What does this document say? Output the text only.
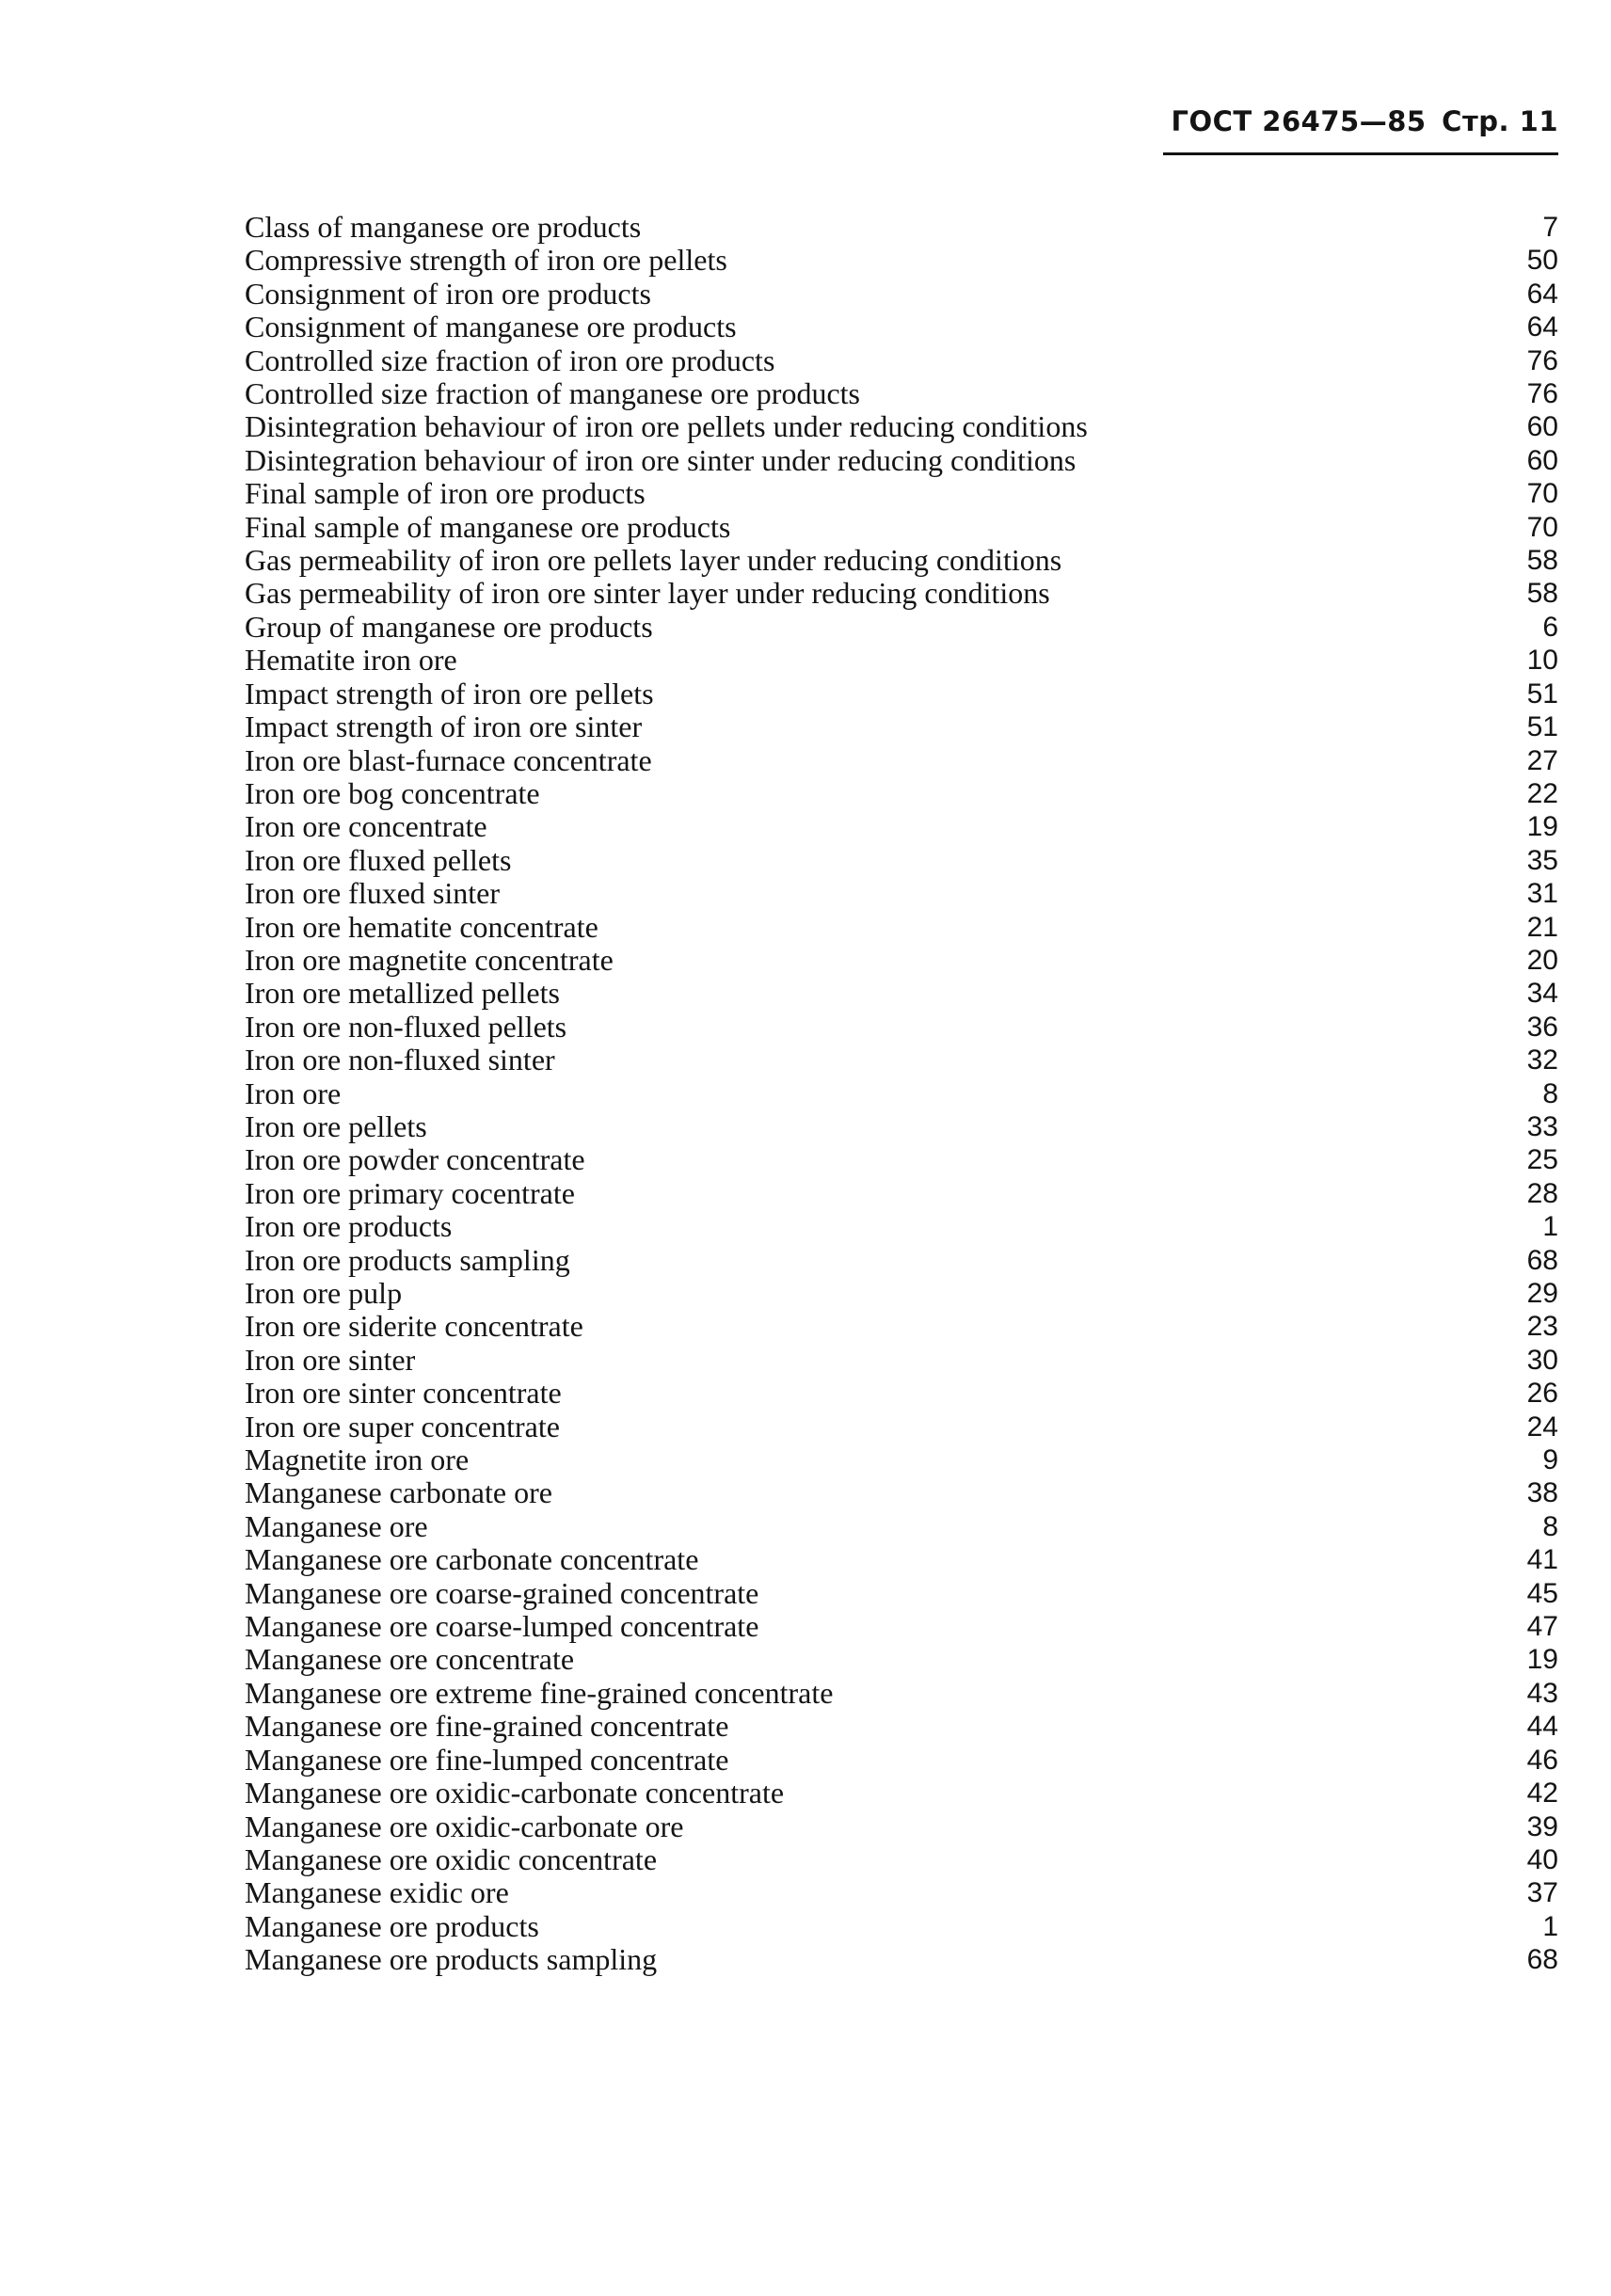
ГОСТ 26475—85 Стр. 11
Class of manganese ore products	7
Compressive strength of iron ore pellets	50
Consignment of iron ore products	64
Consignment of manganese ore products	64
Controlled size fraction of iron ore products	76
Controlled size fraction of manganese ore products	76
Disintegration behaviour of iron ore pellets under reducing conditions	60
Disintegration behaviour of iron ore sinter under reducing conditions	60
Final sample of iron ore products	70
Final sample of manganese ore products	70
Gas permeability of iron ore pellets layer under reducing conditions	58
Gas permeability of iron ore sinter layer under reducing conditions	58
Group of manganese ore products	6
Hematite iron ore	10
Impact strength of iron ore pellets	51
Impact strength of iron ore sinter	51
Iron ore blast-furnace concentrate	27
Iron ore bog concentrate	22
Iron ore concentrate	19
Iron ore fluxed pellets	35
Iron ore fluxed sinter	31
Iron ore hematite concentrate	21
Iron ore magnetite concentrate	20
Iron ore metallized pellets	34
Iron ore non-fluxed pellets	36
Iron ore non-fluxed sinter	32
Iron ore	8
Iron ore pellets	33
Iron ore powder concentrate	25
Iron ore primary cocentrate	28
Iron ore products	1
Iron ore products sampling	68
Iron ore pulp	29
Iron ore siderite concentrate	23
Iron ore sinter	30
Iron ore sinter concentrate	26
Iron ore super concentrate	24
Magnetite iron ore	9
Manganese carbonate ore	38
Manganese ore	8
Manganese ore carbonate concentrate	41
Manganese ore coarse-grained concentrate	45
Manganese ore coarse-lumped concentrate	47
Manganese ore concentrate	19
Manganese ore extreme fine-grained concentrate	43
Manganese ore fine-grained concentrate	44
Manganese ore fine-lumped concentrate	46
Manganese ore oxidic-carbonate concentrate	42
Manganese ore oxidic-carbonate ore	39
Manganese ore oxidic concentrate	40
Manganese exidic ore	37
Manganese ore products	1
Manganese ore products sampling	68
